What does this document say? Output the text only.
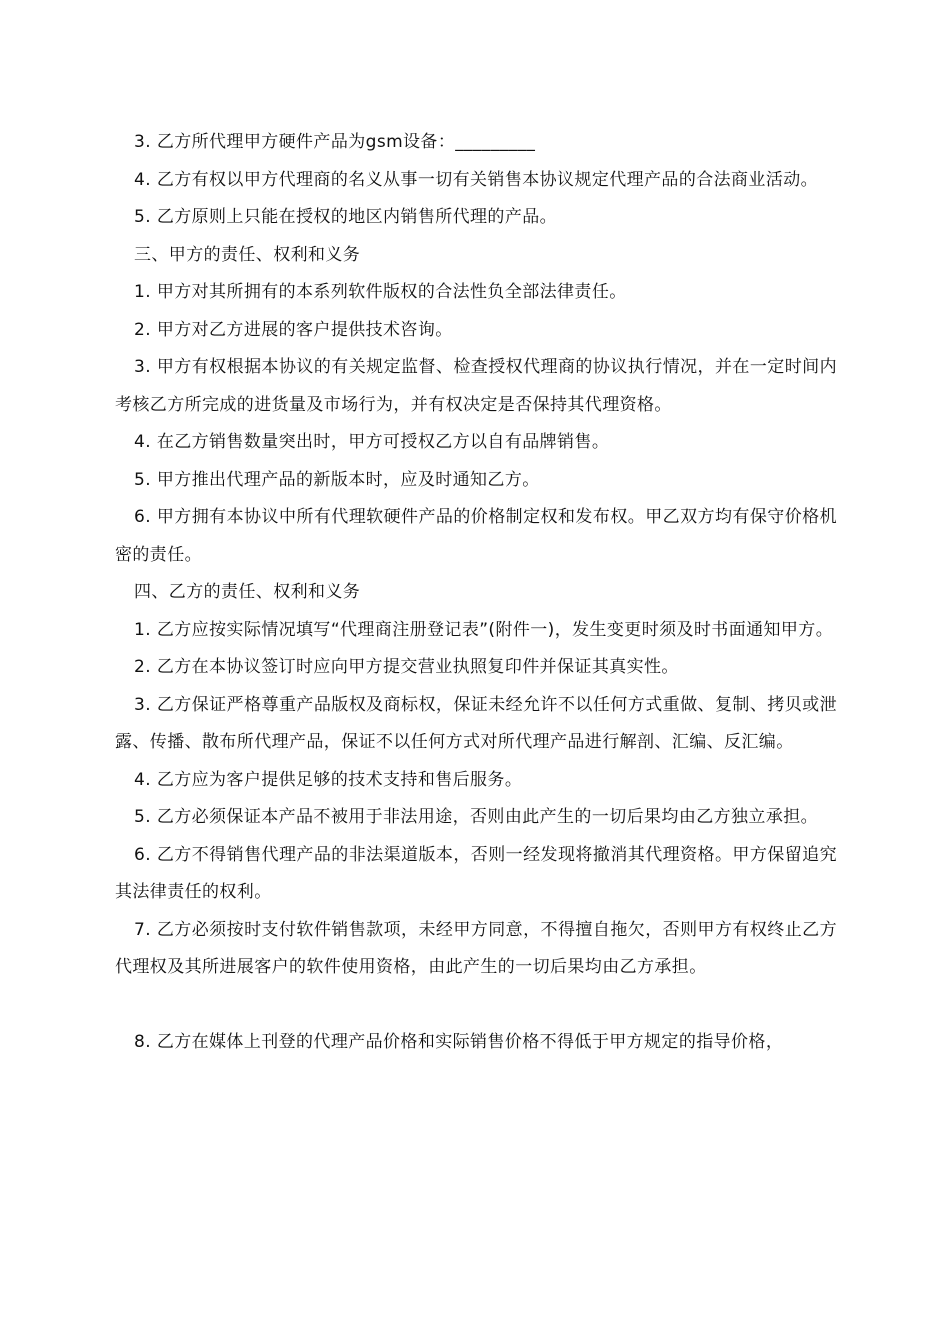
3. 乙方所代理甲方硬件产品为gsm设备：_________

4. 乙方有权以甲方代理商的名义从事一切有关销售本协议规定代理产品的合法商业活动。

5. 乙方原则上只能在授权的地区内销售所代理的产品。

三、甲方的责任、权利和义务

1. 甲方对其所拥有的本系列软件版权的合法性负全部法律责任。

2. 甲方对乙方进展的客户提供技术咨询。

3. 甲方有权根据本协议的有关规定监督、检查授权代理商的协议执行情况，并在一定时间内考核乙方所完成的进货量及市场行为，并有权决定是否保持其代理资格。

4. 在乙方销售数量突出时，甲方可授权乙方以自有品牌销售。

5. 甲方推出代理产品的新版本时，应及时通知乙方。

6. 甲方拥有本协议中所有代理软硬件产品的价格制定权和发布权。甲乙双方均有保守价格机密的责任。

四、乙方的责任、权利和义务

1. 乙方应按实际情况填写“代理商注册登记表”(附件一)，发生变更时须及时书面通知甲方。

2. 乙方在本协议签订时应向甲方提交营业执照复印件并保证其真实性。

3. 乙方保证严格尊重产品版权及商标权，保证未经允许不以任何方式重做、复制、拷贝或泄露、传播、散布所代理产品，保证不以任何方式对所代理产品进行解剖、汇编、反汇编。

4. 乙方应为客户提供足够的技术支持和售后服务。

5. 乙方必须保证本产品不被用于非法用途，否则由此产生的一切后果均由乙方独立承担。

6. 乙方不得销售代理产品的非法渠道版本，否则一经发现将撤消其代理资格。甲方保留追究其法律责任的权利。

7. 乙方必须按时支付软件销售款项，未经甲方同意，不得擅自拖欠，否则甲方有权终止乙方代理权及其所进展客户的软件使用资格，由此产生的一切后果均由乙方承担。

8. 乙方在媒体上刊登的代理产品价格和实际销售价格不得低于甲方规定的指导价格，
